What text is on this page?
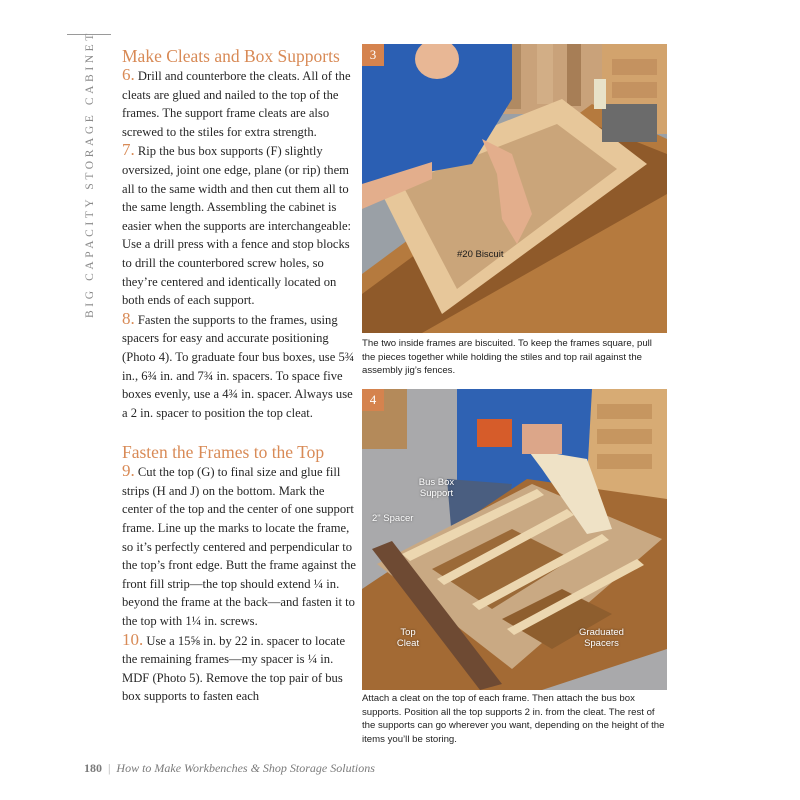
BIG CAPACITY STORAGE CABINET Make Cleats and Box Supports

6. Drill and counterbore the cleats. All of the cleats are glued and nailed to the top of the frames. The support frame cleats are also screwed to the stiles for extra strength.

7. Rip the bus box supports (F) slightly oversized, joint one edge, plane (or rip) them all to the same width and then cut them all to the same length. Assembling the cabinet is easier when the supports are interchangeable: Use a drill press with a fence and stop blocks to drill the counterbored screw holes, so they’re centered and identically located on both ends of each support.

8. Fasten the supports to the frames, using spacers for easy and accurate positioning (Photo 4). To graduate four bus boxes, use 5¾ in., 6¾ in. and 7¾ in. spacers. To space five boxes evenly, use a 4¾ in. spacer. Always use a 2 in. spacer to position the top cleat.

Fasten the Frames to the Top

9. Cut the top (G) to final size and glue fill strips (H and J) on the bottom. Mark the center of the top and the center of one support frame. Line up the marks to locate the frame, so it’s perfectly centered and perpendicular to the top’s front edge. Butt the frame against the front fill strip—the top should extend ¼ in. beyond the frame at the back—and fasten it to the top with 1¼ in. screws.

10. Use a 15⅝ in. by 22 in. spacer to locate the remaining frames—my spacer is ¼ in. MDF (Photo 5). Remove the top pair of bus box supports to fasten each

3
#20 Biscuit
The two inside frames are biscuited. To keep the frames square, pull the pieces together while holding the stiles and top rail against the assembly jig’s fences.
4
Bus Box Support
2" Spacer
Top Cleat
Graduated Spacers
Attach a cleat on the top of each frame. Then attach the bus box supports. Position all the top supports 2 in. from the cleat. The rest of the supports can go wherever you want, depending on the height of the items you’ll be storing.
180 | How to Make Workbenches & Shop Storage Solutions
